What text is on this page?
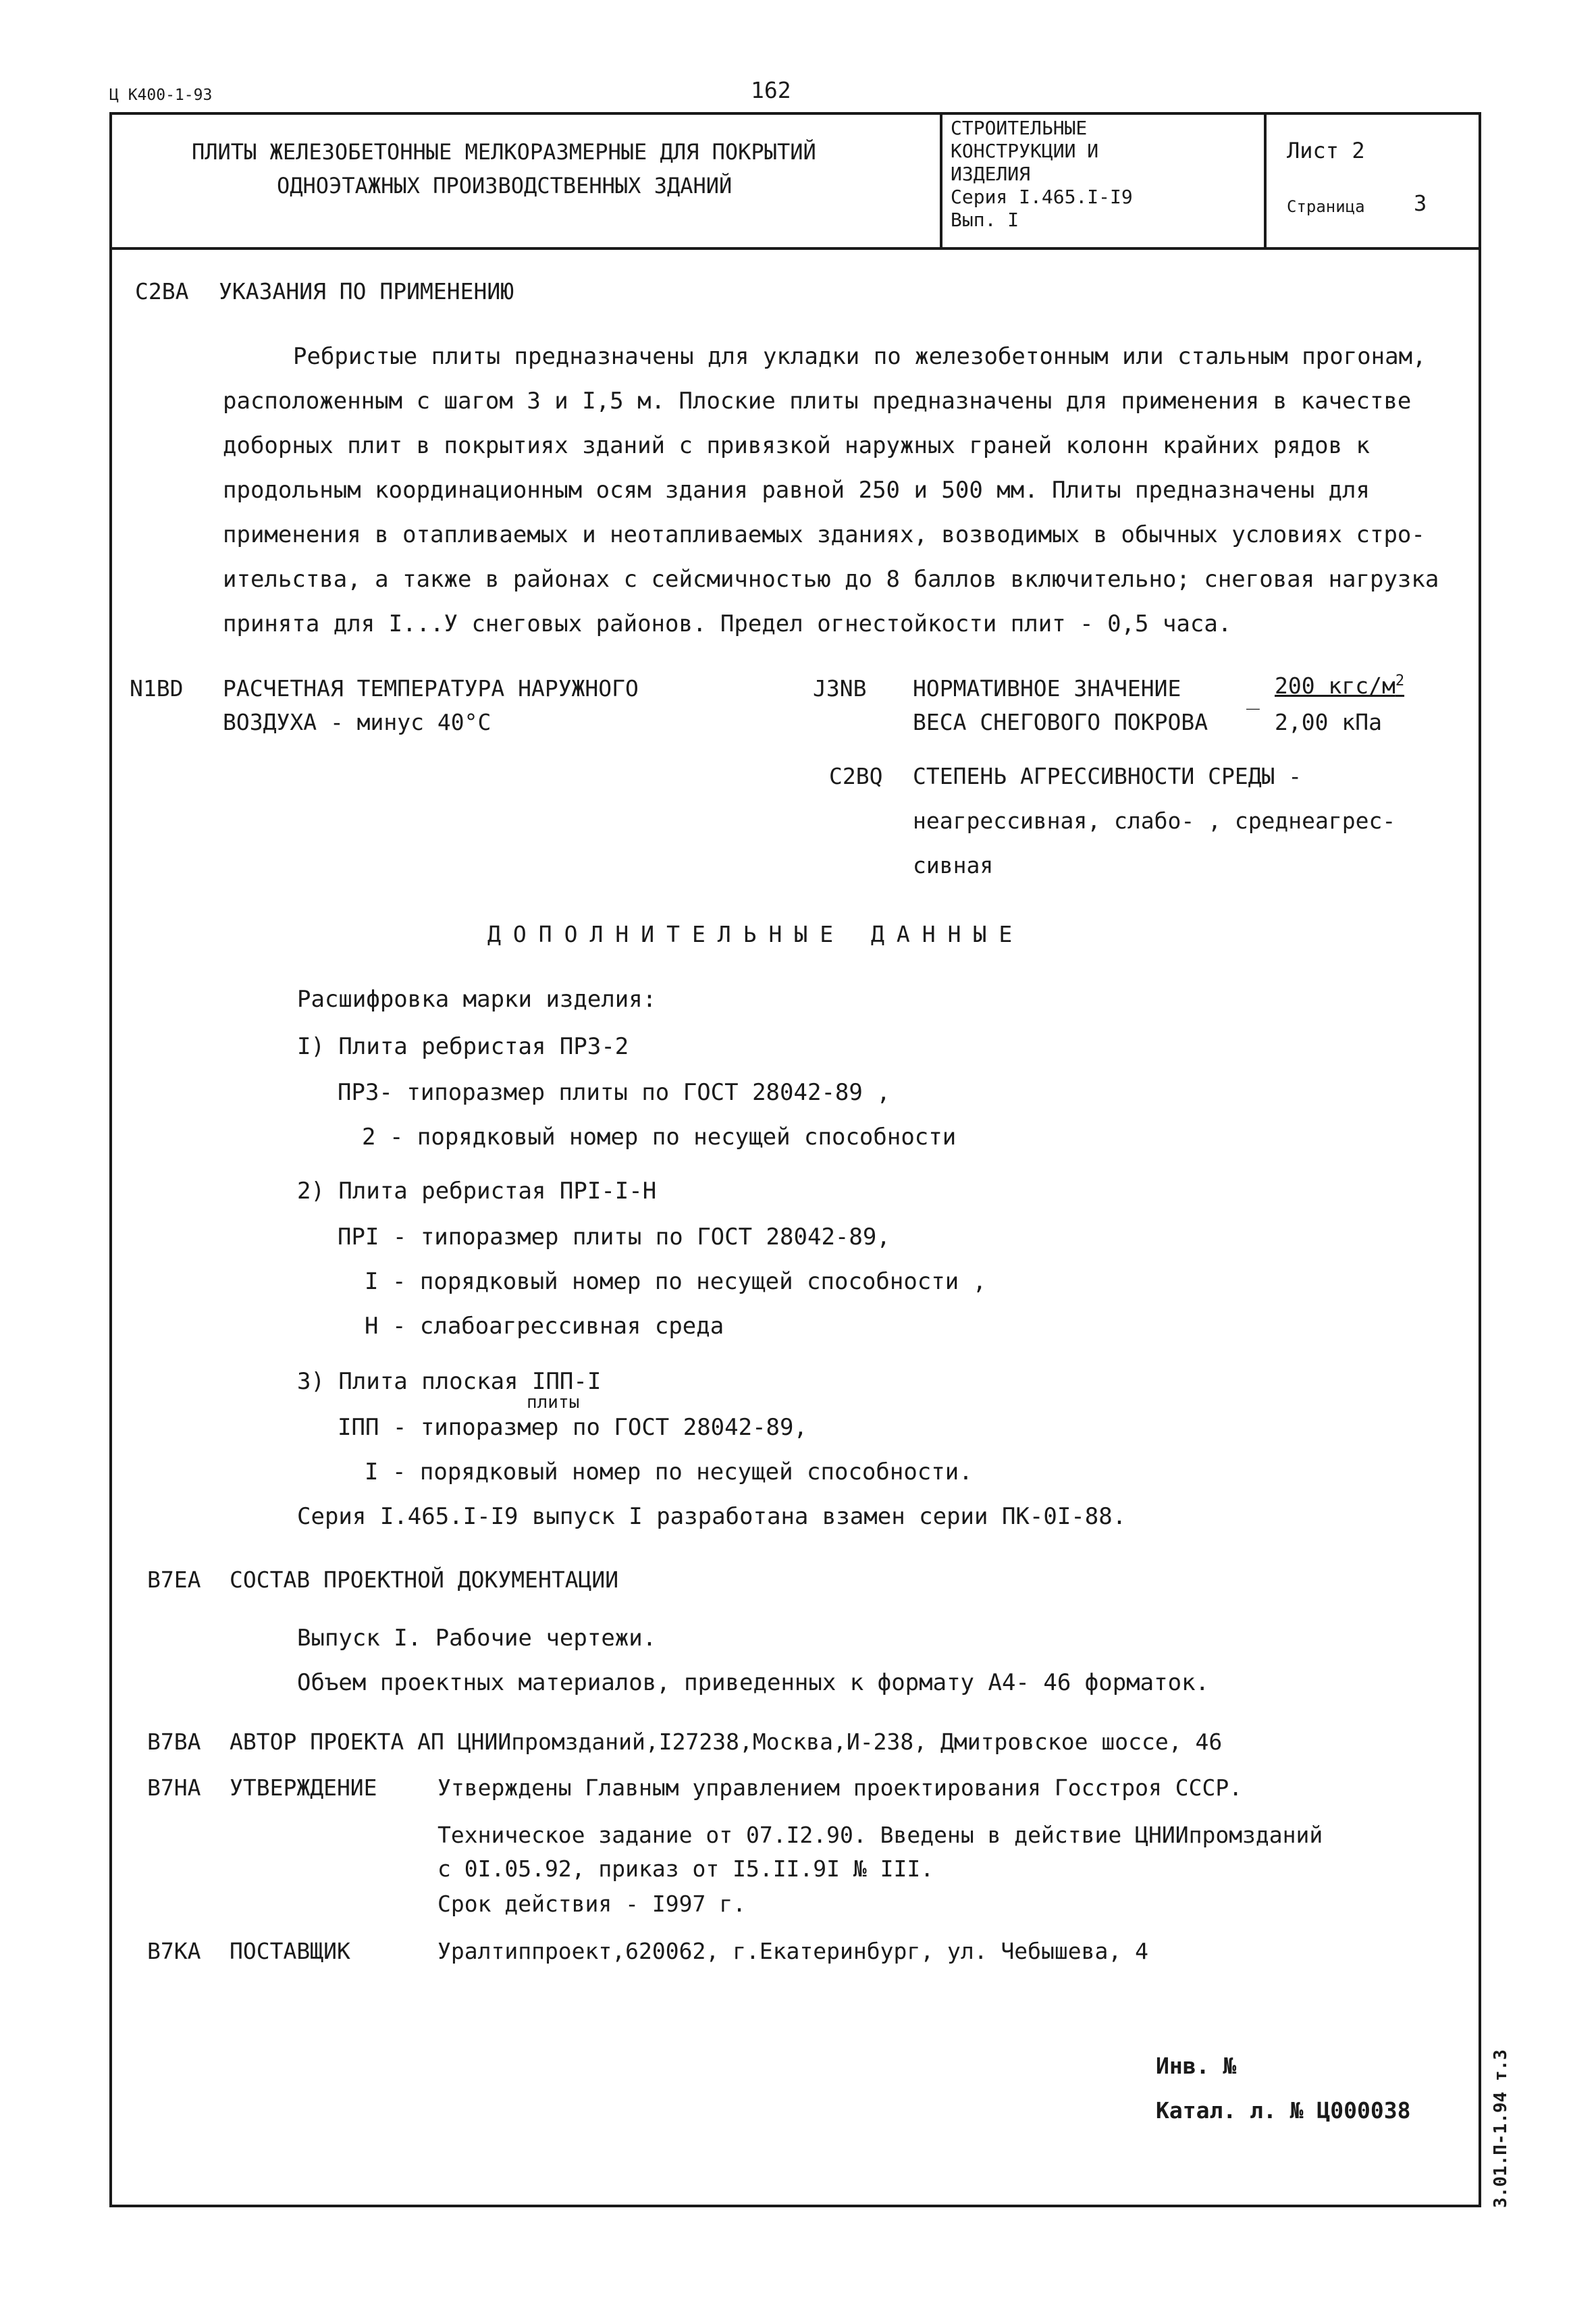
Ц К400-1-93	162
ПЛИТЫ ЖЕЛЕЗОБЕТОННЫЕ МЕЛКОРАЗМЕРНЫЕ ДЛЯ ПОКРЫТИЙ
ОДНОЭТАЖНЫХ ПРОИЗВОДСТВЕННЫХ ЗДАНИЙ
СТРОИТЕЛЬНЫЕ
КОНСТРУКЦИИ И
ИЗДЕЛИЯ
Серия I.465.I-I9
Вып. I
Лист 2
Страница 3
С2ВА УКАЗАНИЯ ПО ПРИМЕНЕНИЮ
Ребристые плиты предназначены для укладки по железобетонным или стальным прогонам,
расположенным с шагом 3 и I,5 м. Плоские плиты предназначены для применения в качестве
доборных плит в покрытиях зданий с привязкой наружных граней колонн крайних рядов к
продольным координационным осям здания равной 250 и 500 мм. Плиты предназначены для
применения в отапливаемых и неотапливаемых зданиях, возводимых в обычных условиях стро-
ительства, а также в районах с сейсмичностью до 8 баллов включительно; снеговая нагрузка
принята для I...У снеговых районов. Предел огнестойкости плит - 0,5 часа.
N1BD РАСЧЕТНАЯ ТЕМПЕРАТУРА НАРУЖНОГО
ВОЗДУХА - минус 40°С
J3NB НОРМАТИВНОЕ ЗНАЧЕНИЕ
ВЕСА СНЕГОВОГО ПОКРОВА
_ 200 кгс/$м^2$
2,00 кПа
С2ВQ СТЕПЕНЬ АГРЕССИВНОСТИ СРЕДЫ -
неагрессивная, слабо- , среднеагрес-
сивная
ДОПОЛНИТЕЛЬНЫЕ ДАННЫЕ
Расшифровка марки изделия:
I) Плита ребристая ПР3-2
ПР3- типоразмер плиты по ГОСТ 28042-89 ,
2 - порядковый номер по несущей способности
2) Плита ребристая ПРI-I-Н
ПРI - типоразмер плиты по ГОСТ 28042-89,
I - порядковый номер по несущей способности ,
Н - слабоагрессивная среда
3) Плита плоская IПП-I
плиты
IПП - типоразмер по ГОСТ 28042-89,
I - порядковый номер по несущей способности.
Серия I.465.I-I9 выпуск I разработана взамен серии ПК-0I-88.
В7ЕА СОСТАВ ПРОЕКТНОЙ ДОКУМЕНТАЦИИ
Выпуск I. Рабочие чертежи.
Объем проектных материалов, приведенных к формату А4- 46 форматок.
В7ВА АВТОР ПРОЕКТА АП ЦНИИпромзданий,I27238,Москва,И-238, Дмитровское шоссе, 46
В7НА УТВЕРЖДЕНИЕ	Утверждены Главным управлением проектирования Госстроя СССР.
Техническое задание от 07.I2.90. Введены в действие ЦНИИпромзданий
с 0I.05.92, приказ от I5.II.9I № III.
Срок действия - I997 г.
В7КА ПОСТАВЩИК	Уралтиппроект,620062, г.Екатеринбург, ул. Чебышева, 4
Инв. №
Катал. л. № Ц000038	3.01.П-1.94 т.3
